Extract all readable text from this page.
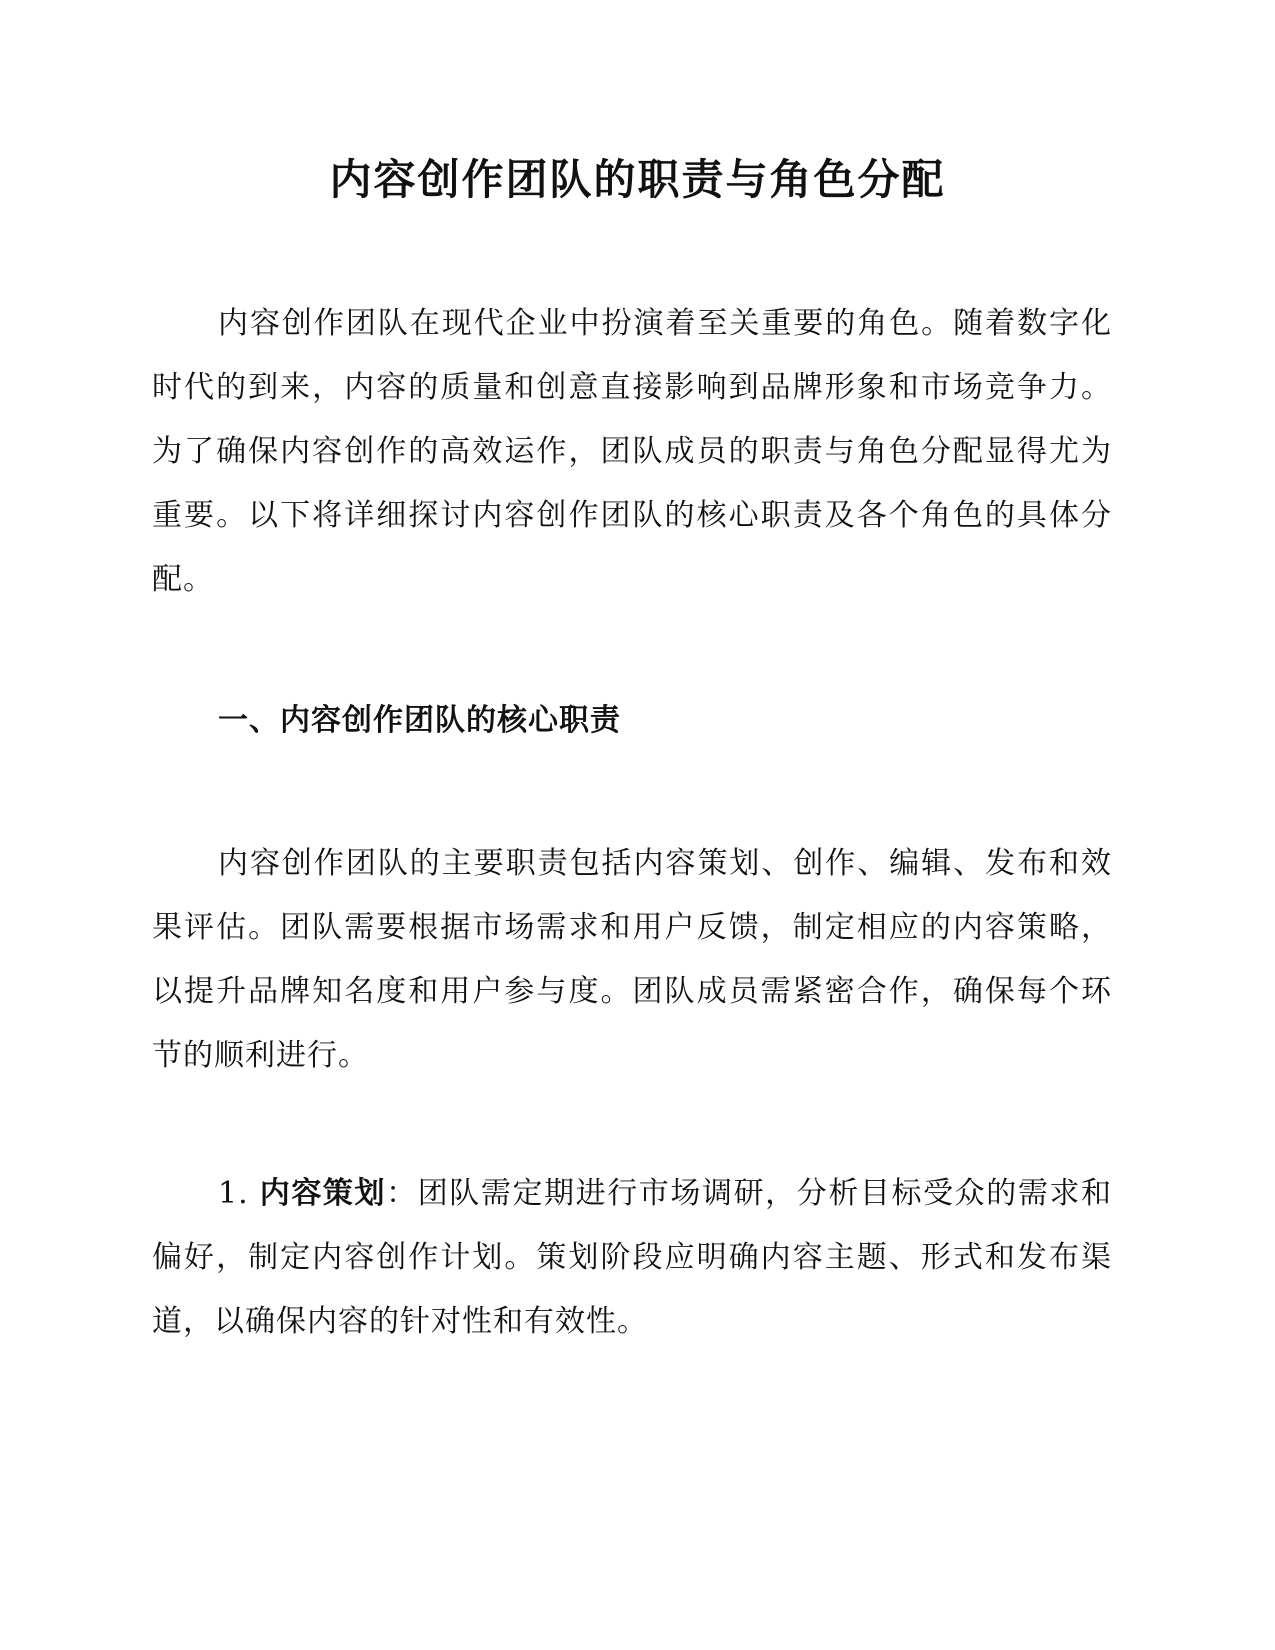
内容创作团队的职责与角色分配

内容创作团队在现代企业中扮演着至关重要的角色。随着数字化时代的到来，内容的质量和创意直接影响到品牌形象和市场竞争力。为了确保内容创作的高效运作，团队成员的职责与角色分配显得尤为重要。以下将详细探讨内容创作团队的核心职责及各个角色的具体分配。

一、内容创作团队的核心职责

内容创作团队的主要职责包括内容策划、创作、编辑、发布和效果评估。团队需要根据市场需求和用户反馈，制定相应的内容策略，以提升品牌知名度和用户参与度。团队成员需紧密合作，确保每个环节的顺利进行。

1. 内容策划：团队需定期进行市场调研，分析目标受众的需求和偏好，制定内容创作计划。策划阶段应明确内容主题、形式和发布渠道，以确保内容的针对性和有效性。
